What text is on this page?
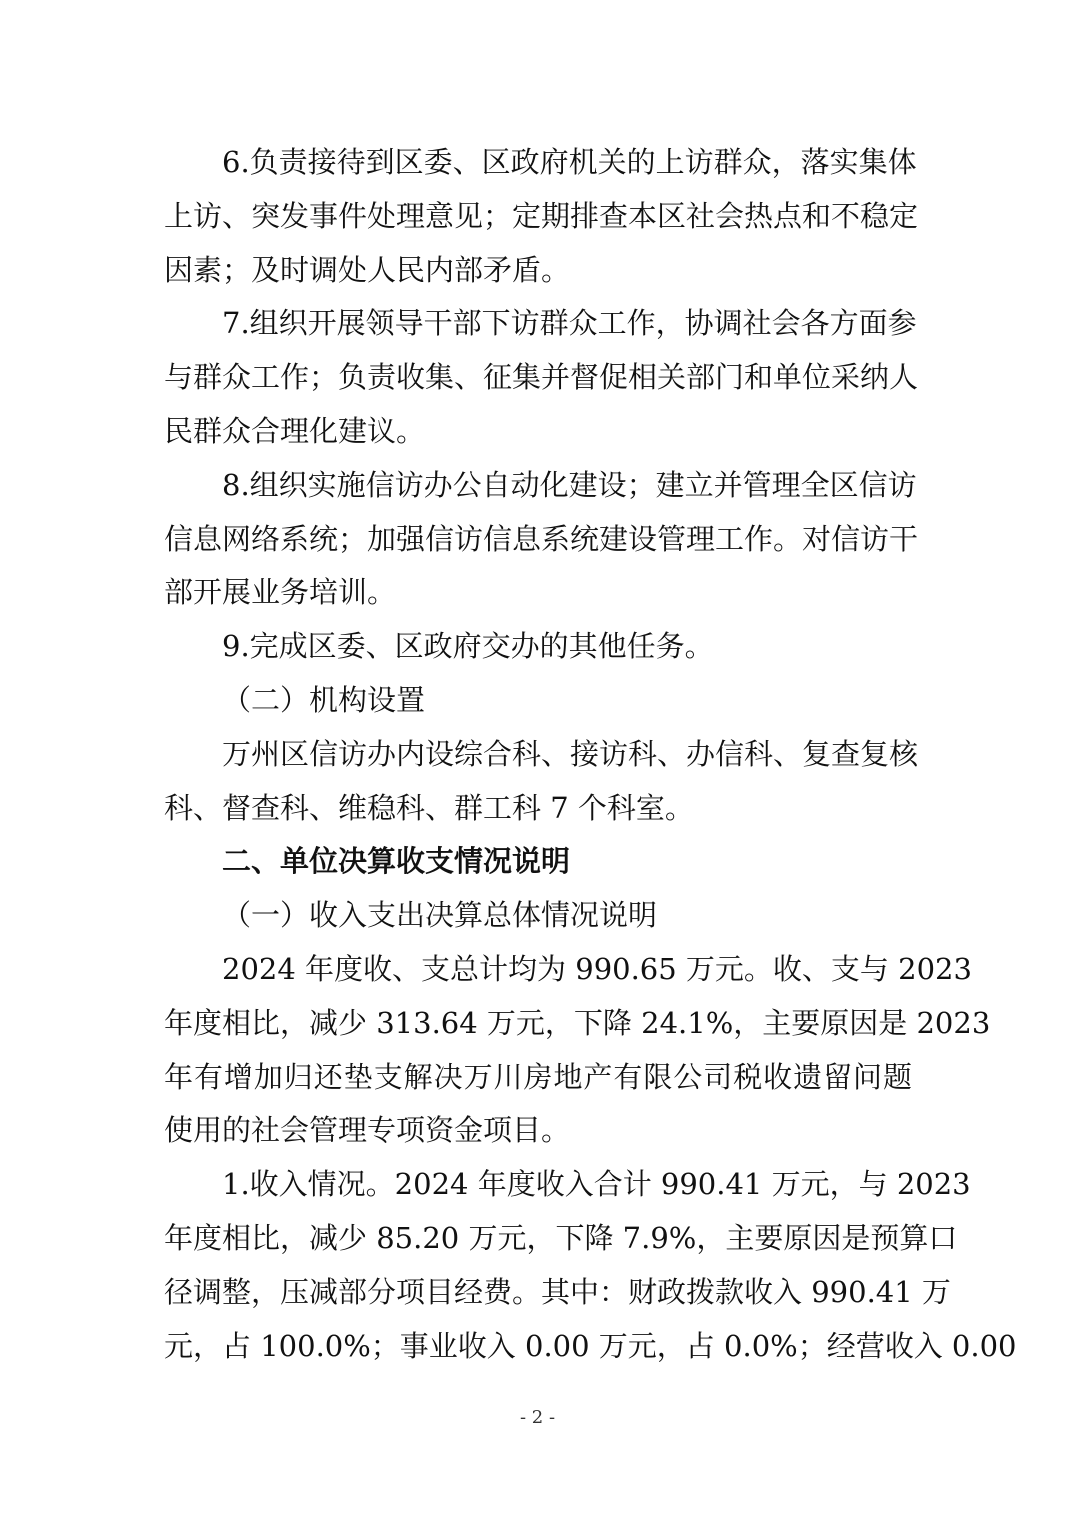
6.负责接待到区委、区政府机关的上访群众，落实集体
上访、突发事件处理意见；定期排查本区社会热点和不稳定
因素；及时调处人民内部矛盾。
7.组织开展领导干部下访群众工作，协调社会各方面参
与群众工作；负责收集、征集并督促相关部门和单位采纳人
民群众合理化建议。
8.组织实施信访办公自动化建设；建立并管理全区信访
信息网络系统；加强信访信息系统建设管理工作。对信访干
部开展业务培训。
9.完成区委、区政府交办的其他任务。
（二）机构设置
万州区信访办内设综合科、接访科、办信科、复查复核
科、督查科、维稳科、群工科 7 个科室。
二、单位决算收支情况说明
（一）收入支出决算总体情况说明
2024 年度收、支总计均为 990.65 万元。收、支与 2023
年度相比，减少 313.64 万元，下降 24.1%，主要原因是 2023
年有增加归还垫支解决万川房地产有限公司税收遗留问题
使用的社会管理专项资金项目。
1.收入情况。2024 年度收入合计 990.41 万元，与 2023
年度相比，减少 85.20 万元，下降 7.9%，主要原因是预算口
径调整，压减部分项目经费。其中：财政拨款收入 990.41 万
元，占 100.0%；事业收入 0.00 万元，占 0.0%；经营收入 0.00
- 2 -
